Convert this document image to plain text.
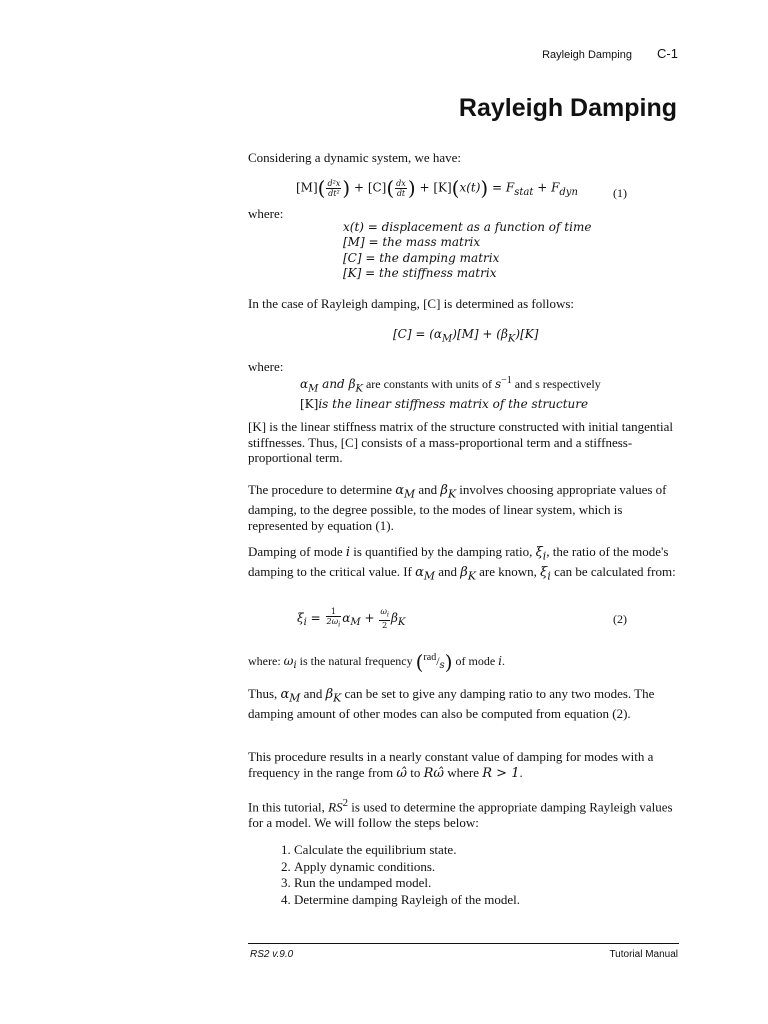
Rayleigh Damping C-1
Rayleigh Damping

Considering a dynamic system, we have:

$[M]( \frac{\text{d²x}}{\text{dt²}}$ ) + $[C]( \frac{dx}{dt}$ ) + $[K](x(t)) = F_{stat} + F_{dyn}$	(1)

where:

x(t) = displacement as a function of time
[M] = the mass matrix
[C] = the damping matrix
[K] = the stiffness matrix

In the case of Rayleigh damping, [C] is determined as follows:

$[C] = (\alpha_M)[M] + (\beta_K)[K]$

where:

$\alpha_M$ and $\beta_K$ are constants with units of $s^{-1}$ and s respectively
[K]is the linear stiffness matrix of the structure

[K] is the linear stiffness matrix of the structure constructed with initial tangential stiffnesses. Thus, [C] consists of a mass-proportional term and a stiffness-proportional term.

The procedure to determine $\alpha_M$ and $\beta_K$ involves choosing appropriate values of damping, to the degree possible, to the modes of linear system, which is represented by equation (1).

Damping of mode i is quantified by the damping ratio, $\xi_i$, the ratio of the mode's damping to the critical value. If $\alpha_M$ and $\beta_K$ are known, $\xi_i$ can be calculated from:

$\xi_i = \frac{1}{2\omega_i} \alpha_M + \frac{\omega_i}{2} \beta_K$	(2)
where: $\omega_i$ is the natural frequency $(^{rad}/_s)$ of mode i.

Thus, $\alpha_M$ and $\beta_K$ can be set to give any damping ratio to any two modes. The damping amount of other modes can also be computed from equation (2).

This procedure results in a nearly constant value of damping for modes with a frequency in the range from ω̂ to Rω̂ where R > 1.

In this tutorial, $RS^2$ is used to determine the appropriate damping Rayleigh values for a model. We will follow the steps below:

1. Calculate the equilibrium state.
2. Apply dynamic conditions.
3. Run the undamped model.
4. Determine damping Rayleigh of the model.
RS2 v.9.0	Tutorial Manual
